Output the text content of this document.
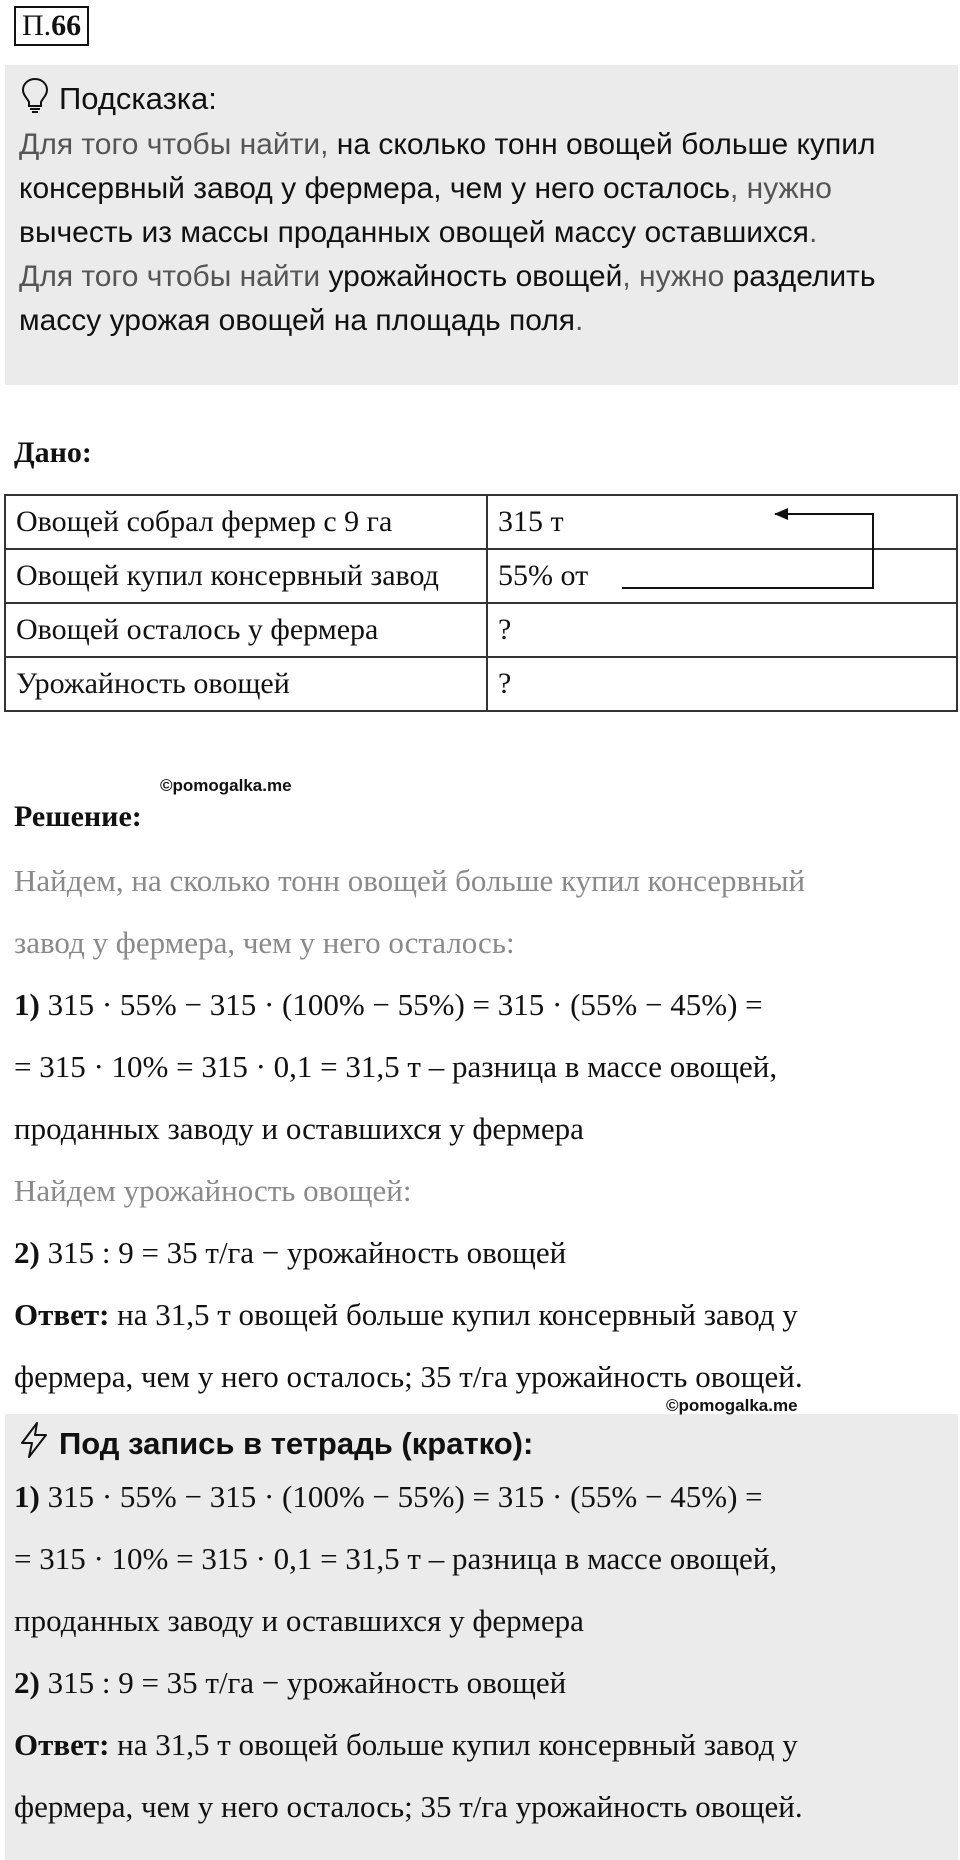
П.66
Подсказка:
Для того чтобы найти, на сколько тонн овощей больше купил консервный завод у фермера, чем у него осталось, нужно вычесть из массы проданных овощей массу оставшихся.
Для того чтобы найти урожайность овощей, нужно разделить массу урожая овощей на площадь поля.
Дано:
Овощей собрал фермер с 9 га	315 т
Овощей купил консервный завод	55% от
Овощей осталось у фермера	?
Урожайность овощей	?
©pomogalka.me
Решение:
Найдем, на сколько тонн овощей больше купил консервный
завод у фермера, чем у него осталось:
1) 315 · 55% − 315 · (100% − 55%) = 315 · (55% − 45%) =
= 315 · 10% = 315 · 0,1 = 31,5 т – разница в массе овощей,
проданных заводу и оставшихся у фермера
Найдем урожайность овощей:
2) 315 : 9 = 35 т/га − урожайность овощей
Ответ: на 31,5 т овощей больше купил консервный завод у
фермера, чем у него осталось; 35 т/га урожайность овощей.
Под запись в тетрадь (кратко):
1) 315 · 55% − 315 · (100% − 55%) = 315 · (55% − 45%) =
= 315 · 10% = 315 · 0,1 = 31,5 т – разница в массе овощей,
проданных заводу и оставшихся у фермера
2) 315 : 9 = 35 т/га − урожайность овощей
Ответ: на 31,5 т овощей больше купил консервный завод у
фермера, чем у него осталось; 35 т/га урожайность овощей.
©pomogalka.me
